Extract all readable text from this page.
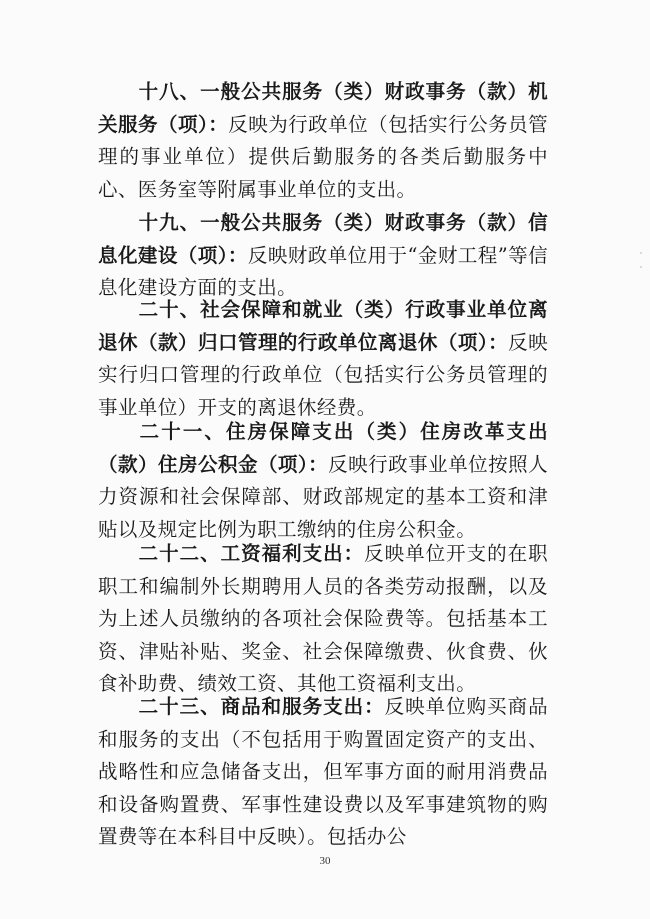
十八、一般公共服务（类）财政事务（款）机关服务（项）：反映为行政单位（包括实行公务员管理的事业单位）提供后勤服务的各类后勤服务中心、医务室等附属事业单位的支出。

十九、一般公共服务（类）财政事务（款）信息化建设（项）：反映财政单位用于“金财工程”等信息化建设方面的支出。

二十、社会保障和就业（类）行政事业单位离退休（款）归口管理的行政单位离退休（项）：反映实行归口管理的行政单位（包括实行公务员管理的事业单位）开支的离退休经费。

二十一、住房保障支出（类）住房改革支出（款）住房公积金（项）：反映行政事业单位按照人力资源和社会保障部、财政部规定的基本工资和津贴以及规定比例为职工缴纳的住房公积金。

二十二、工资福利支出：反映单位开支的在职职工和编制外长期聘用人员的各类劳动报酬，以及为上述人员缴纳的各项社会保险费等。包括基本工资、津贴补贴、奖金、社会保障缴费、伙食费、伙食补助费、绩效工资、其他工资福利支出。

二十三、商品和服务支出：反映单位购买商品和服务的支出（不包括用于购置固定资产的支出、战略性和应急储备支出，但军事方面的耐用消费品和设备购置费、军事性建设费以及军事建筑物的购置费等在本科目中反映）。包括办公

30
